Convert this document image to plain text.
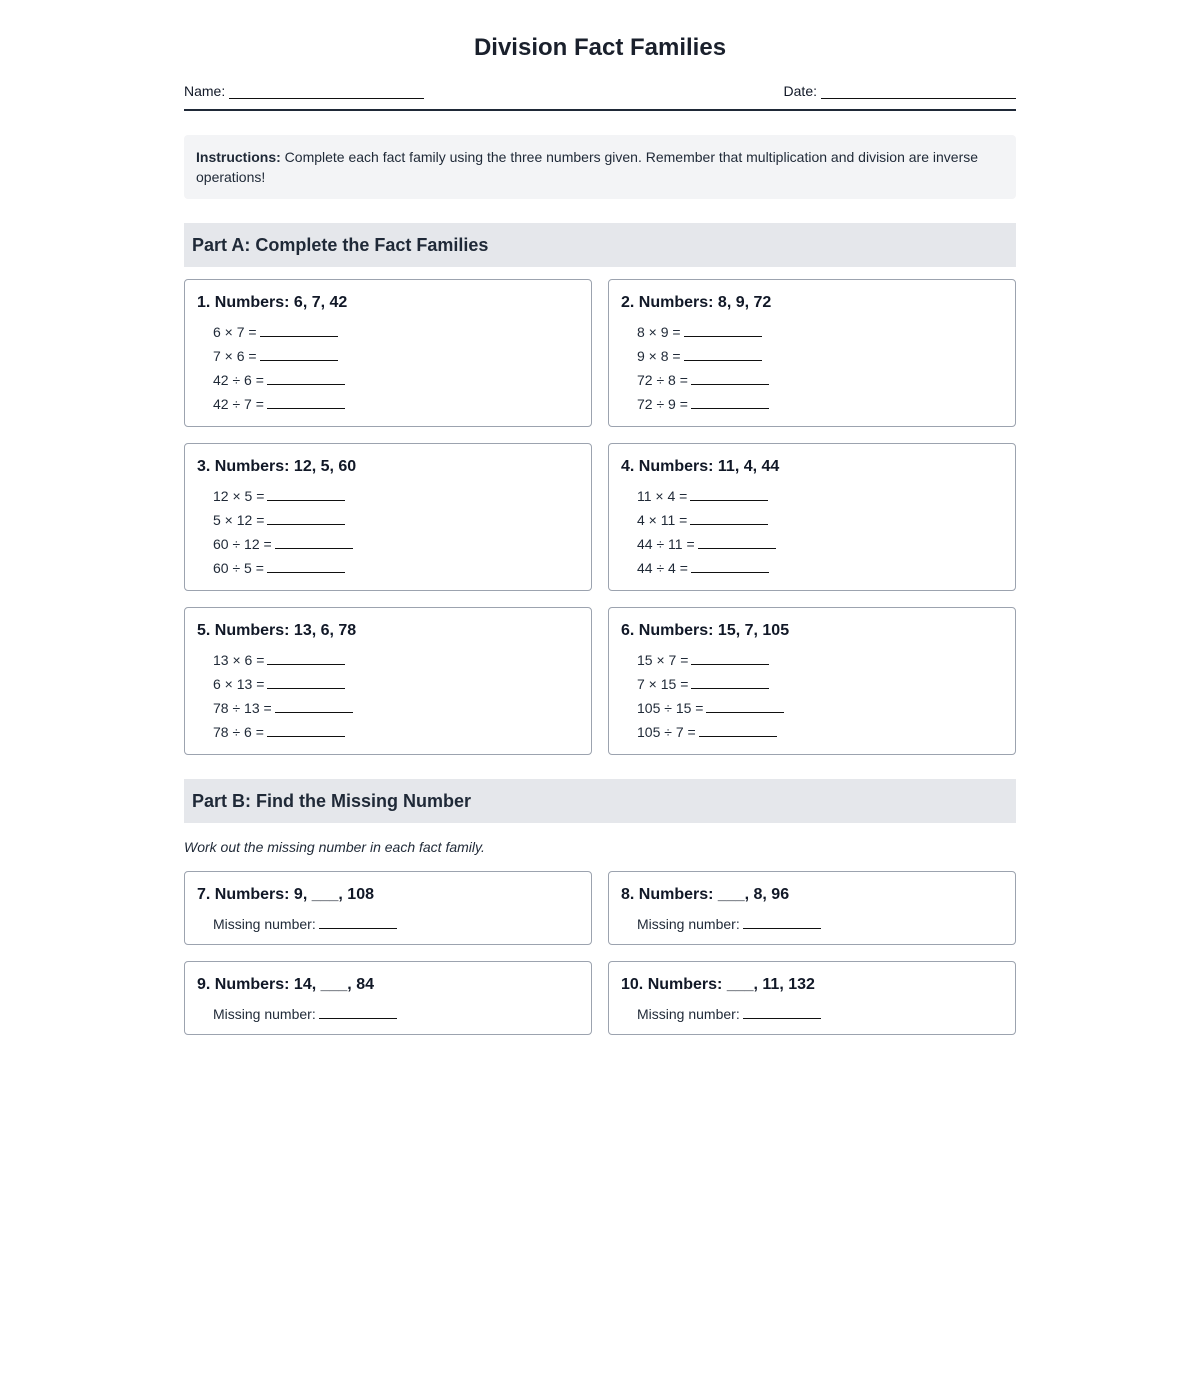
Division Fact Families
Name:	Date:
Instructions: Complete each fact family using the three numbers given. Remember that multiplication and division are inverse operations!
Part A: Complete the Fact Families
1. Numbers: 6, 7, 42
6 × 7 =
7 × 6 =
42 ÷ 6 =
42 ÷ 7 =
2. Numbers: 8, 9, 72
8 × 9 =
9 × 8 =
72 ÷ 8 =
72 ÷ 9 =
3. Numbers: 12, 5, 60
12 × 5 =
5 × 12 =
60 ÷ 12 =
60 ÷ 5 =
4. Numbers: 11, 4, 44
11 × 4 =
4 × 11 =
44 ÷ 11 =
44 ÷ 4 =
5. Numbers: 13, 6, 78
13 × 6 =
6 × 13 =
78 ÷ 13 =
78 ÷ 6 =
6. Numbers: 15, 7, 105
15 × 7 =
7 × 15 =
105 ÷ 15 =
105 ÷ 7 =
Part B: Find the Missing Number
Work out the missing number in each fact family.
7. Numbers: 9, ___, 108
Missing number:
8. Numbers: ___, 8, 96
Missing number:
9. Numbers: 14, ___, 84
Missing number:
10. Numbers: ___, 11, 132
Missing number:
